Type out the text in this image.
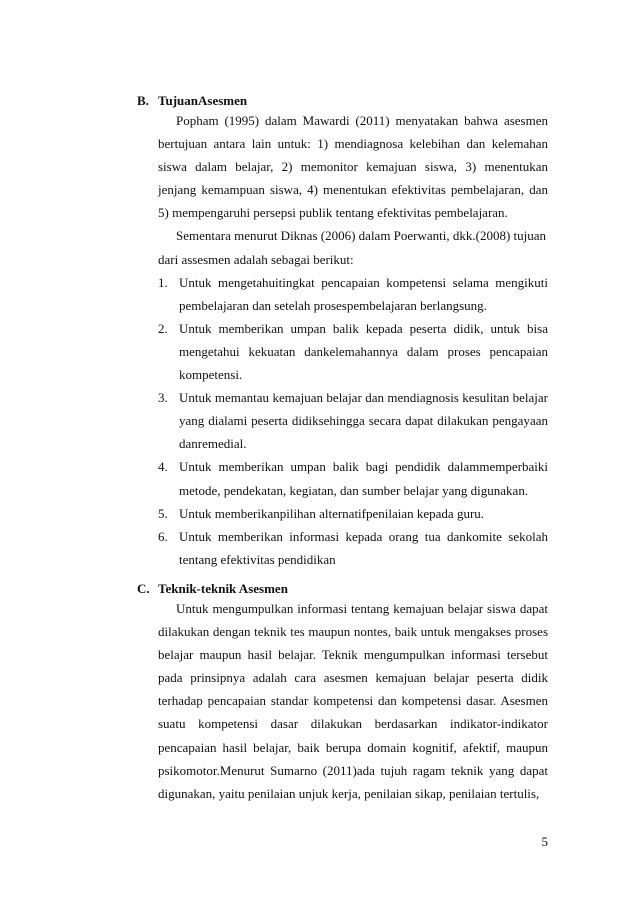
B. TujuanAsesmen

Popham (1995) dalam Mawardi (2011) menyatakan bahwa asesmen bertujuan antara lain untuk: 1) mendiagnosa kelebihan dan kelemahan siswa dalam belajar, 2) memonitor kemajuan siswa, 3) menentukan jenjang kemampuan siswa, 4) menentukan efektivitas pembelajaran, dan 5) mempengaruhi persepsi publik tentang efektivitas pembelajaran.

Sementara menurut Diknas (2006) dalam Poerwanti, dkk.(2008) tujuan

dari assesmen adalah sebagai berikut:

1. Untuk mengetahuitingkat pencapaian kompetensi selama mengikuti pembelajaran dan setelah prosespembelajaran berlangsung.
2. Untuk memberikan umpan balik kepada peserta didik, untuk bisa mengetahui kekuatan dankelemahannya dalam proses pencapaian kompetensi.
3. Untuk memantau kemajuan belajar dan mendiagnosis kesulitan belajar yang dialami peserta didiksehingga secara dapat dilakukan pengayaan danremedial.
4. Untuk memberikan umpan balik bagi pendidik dalammemperbaiki metode, pendekatan, kegiatan, dan sumber belajar yang digunakan.
5. Untuk memberikanpilihan alternatifpenilaian kepada guru.
6. Untuk memberikan informasi kepada orang tua dankomite sekolah tentang efektivitas pendidikan
C. Teknik-teknik Asesmen

Untuk mengumpulkan informasi tentang kemajuan belajar siswa dapat dilakukan dengan teknik tes maupun nontes, baik untuk mengakses proses belajar maupun hasil belajar. Teknik mengumpulkan informasi tersebut pada prinsipnya adalah cara asesmen kemajuan belajar peserta didik terhadap pencapaian standar kompetensi dan kompetensi dasar. Asesmen suatu kompetensi dasar dilakukan berdasarkan indikator-indikator pencapaian hasil belajar, baik berupa domain kognitif, afektif, maupun psikomotor.Menurut Sumarno (2011)ada tujuh ragam teknik yang dapat digunakan, yaitu penilaian unjuk kerja, penilaian sikap, penilaian tertulis,

5
